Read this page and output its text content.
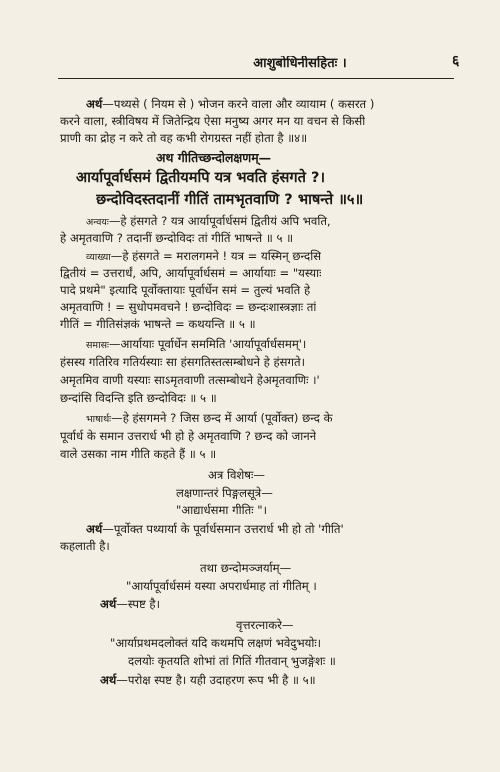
आशुबोधिनीसहितः ।	६
अर्थ—पथ्यसे ( नियम से ) भोजन करने वाला और व्यायाम ( कसरत )
करने वाला, स्त्रीविषय में जितेन्द्रिय ऐसा मनुष्य अगर मन या वचन से किसी
प्राणी का द्रोह न करे तो वह कभी रोगग्रस्त नहीं होता है ॥४॥
अथ गीतिच्छन्दोलक्षणम्—
आर्यापूर्वार्धसमं द्वितीयमपि यत्र भवति हंसगते ?।
छन्दोविदस्तदानीं गीतिं तामभृतवाणि ? भाषन्ते ॥५॥
अन्वयः—हे हंसगते ? यत्र आर्यापूर्वार्धसमं द्वितीयं अपि भवति,
हे अमृतवाणि ? तदानीं छन्दोविदः तां गीतिं भाषन्ते ॥ ५ ॥
व्याख्या—हे हंसगते = मरालगमने ! यत्र = यस्मिन् छन्दसि
द्वितीयं = उत्तरार्धं, अपि, आर्यापूर्वार्धसमं = आर्यायाः = "यस्याः
पादे प्रथमे" इत्यादि पूर्वोक्तायाः पूर्वार्धेन समं = तुल्यं भवति हे
अमृतवाणि ! = सुधोपमवचने ! छन्दोविदः = छन्दःशास्त्रज्ञाः तां
गीतिं = गीतिसंज्ञकं भाषन्ते = कथयन्ति ॥ ५ ॥
समासः—आर्यायाः पूर्वार्धेन सममिति 'आर्यापूर्वार्धसमम्'।
हंसस्य गतिरिव गतिर्यस्याः सा हंसगतिस्तत्सम्बोधने हे हंसगते।
अमृतमिव वाणी यस्याः साऽमृतवाणी तत्सम्बोधने हेअमृतवाणिः ।'
छन्दांसि विदन्ति इति छन्दोविदः ॥ ५ ॥
भाषार्थः—हे हंसगमने ? जिस छन्द में आर्या (पूर्वोक्त) छन्द के
पूर्वार्ध के समान उत्तरार्ध भी हो हे अमृतवाणि ? छन्द को जानने
वाले उसका नाम गीति कहते हैं ॥ ५ ॥
अत्र विशेषः—
लक्षणान्तरं पिङ्गलसूत्रे—
"आद्यार्धसमा गीतिः "।
अर्थ—पूर्वोक्त पथ्यार्या के पूर्वार्धसमान उत्तरार्ध भी हो तो 'गीति'
कहलाती है।
तथा छन्दोमञ्जर्याम्—
"आर्यापूर्वार्धसमं यस्या अपरार्धमाह तां गीतिम् ।
अर्थ—स्पष्ट है।
वृत्तरत्नाकरे—
"आर्याप्रथमदलोक्तं यदि कथमपि लक्षणं भवेदुभयोः।
दलयोः कृतयति शोभां तां गितिं गीतवान् भुजङ्गेशः ॥
अर्थ—परोक्ष स्पष्ट है। यही उदाहरण रूप भी है ॥ ५॥
